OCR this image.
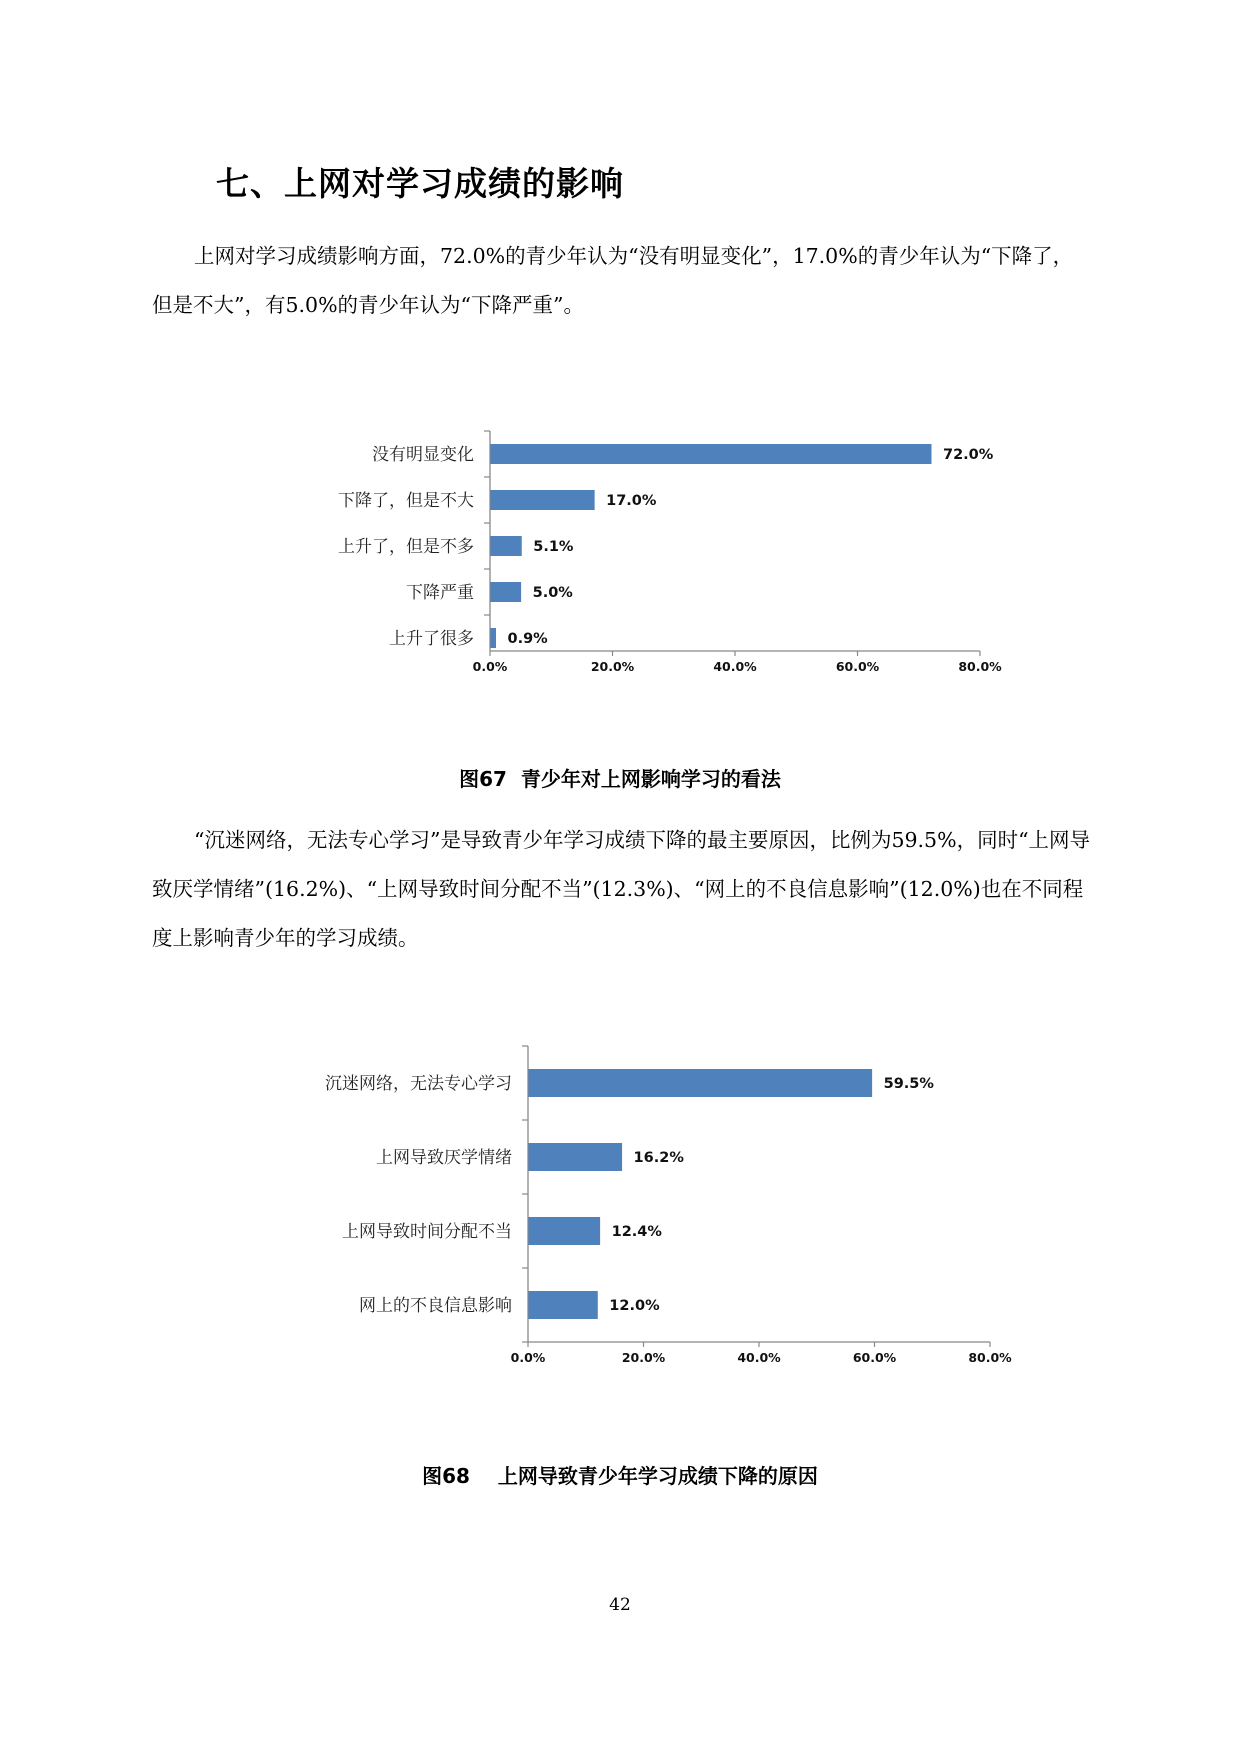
七、上网对学习成绩的影响

上网对学习成绩影响方面，72.0%的青少年认为“没有明显变化”，17.0%的青少年认为“下降了，但是不大”，有5.0%的青少年认为“下降严重”。

0.0%	20.0%	40.0%	60.0%	80.0%
没有明显变化	72.0%
下降了，但是不大	17.0%
上升了，但是不多	5.1%
下降严重	5.0%
上升了很多 0.9%

图67 青少年对上网影响学习的看法

“沉迷网络，无法专心学习”是导致青少年学习成绩下降的最主要原因，比例为59.5%，同时“上网导致厌学情绪”(16.2%)、“上网导致时间分配不当”(12.3%)、“网上的不良信息影响”(12.0%)也在不同程度上影响青少年的学习成绩。

0.0%	20.0%	40.0%	60.0%	80.0%
沉迷网络，无法专心学习	59.5%
上网导致厌学情绪	16.2%
上网导致时间分配不当	12.4%
网上的不良信息影响	12.0%

图68 上网导致青少年学习成绩下降的原因

42
